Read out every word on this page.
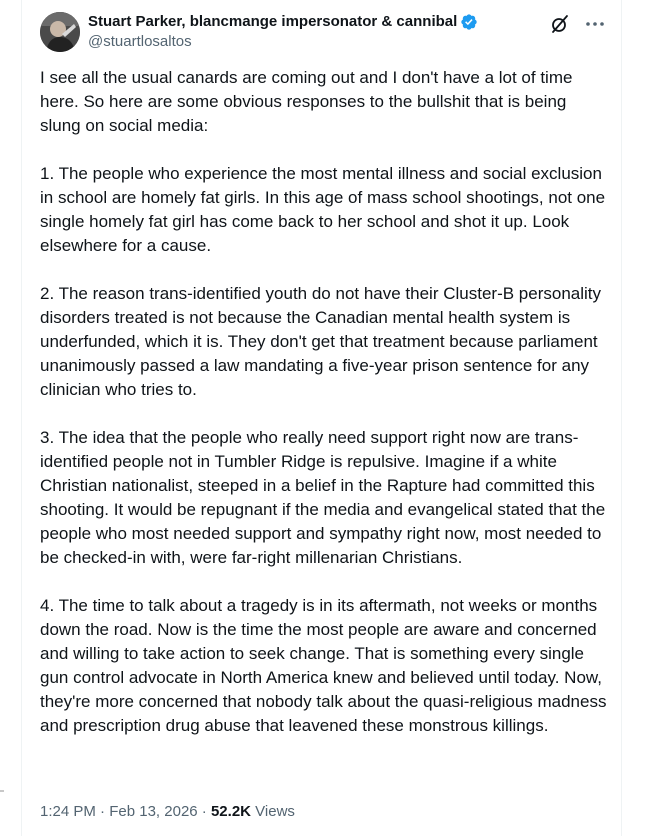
Stuart Parker, blancmange impersonator & cannibal
@stuartlosaltos

I see all the usual canards are coming out and I don't have a lot of time here. So here are some obvious responses to the bullshit that is being slung on social media:

1. The people who experience the most mental illness and social exclusion in school are homely fat girls. In this age of mass school shootings, not one single homely fat girl has come back to her school and shot it up. Look elsewhere for a cause.

2. The reason trans-identified youth do not have their Cluster-B personality disorders treated is not because the Canadian mental health system is underfunded, which it is. They don't get that treatment because parliament unanimously passed a law mandating a five-year prison sentence for any clinician who tries to.

3. The idea that the people who really need support right now are trans-identified people not in Tumbler Ridge is repulsive. Imagine if a white Christian nationalist, steeped in a belief in the Rapture had committed this shooting. It would be repugnant if the media and evangelical stated that the people who most needed support and sympathy right now, most needed to be checked-in with, were far-right millenarian Christians.

4. The time to talk about a tragedy is in its aftermath, not weeks or months down the road. Now is the time the most people are aware and concerned and willing to take action to seek change. That is something every single gun control advocate in North America knew and believed until today. Now, they're more concerned that nobody talk about the quasi-religious madness and prescription drug abuse that leavened these monstrous killings.

1:24 PM · Feb 13, 2026 · 52.2K Views
